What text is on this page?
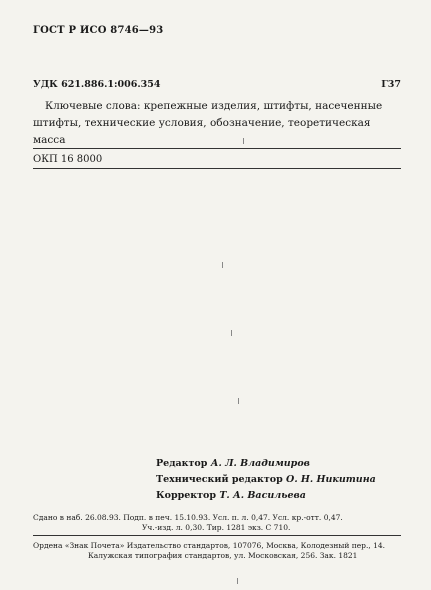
ГОСТ Р ИСО 8746—93
УДК 621.886.1:006.354	Г37
Ключевые слова: крепежные изделия, штифты, насеченные штифты, технические условия, обозначение, теоретическая масса
ОКП 16 8000
Редактор А. Л. Владимиров
Технический редактор О. Н. Никитина
Корректор Т. А. Васильева
Сдано в наб. 26.08.93. Подп. в печ. 15.10.93. Усл. п. л. 0,47. Усл. кр.-отт. 0,47.
Уч.-изд. л. 0,30. Тир. 1281 экз. С 710.
Ордена «Знак Почета» Издательство стандартов, 107076, Москва, Колодезный пер., 14.
Калужская типография стандартов, ул. Московская, 256. Зак. 1821
